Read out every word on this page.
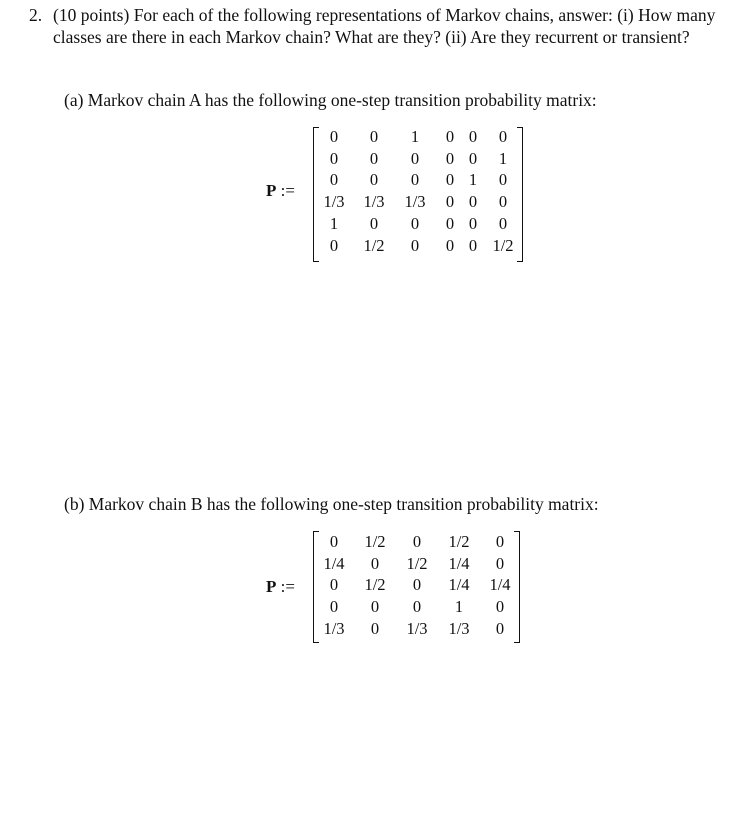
2. (10 points) For each of the following representations of Markov chains, answer: (i) How many classes are there in each Markov chain? What are they? (ii) Are they recurrent or transient?
(a) Markov chain A has the following one-step transition probability matrix:
P :=
0 0 1 0 0 0
0 0 0 0 0 1
0 0 0 0 1 0
1/3 1/3 1/3 0 0 0
1 0 0 0 0 0
0 1/2 0 0 0 1/2
(b) Markov chain B has the following one-step transition probability matrix:
P :=
0 1/2 0 1/2 0
1/4 0 1/2 1/4 0
0 1/2 0 1/4 1/4
0 0 0 1 0
1/3 0 1/3 1/3 0
